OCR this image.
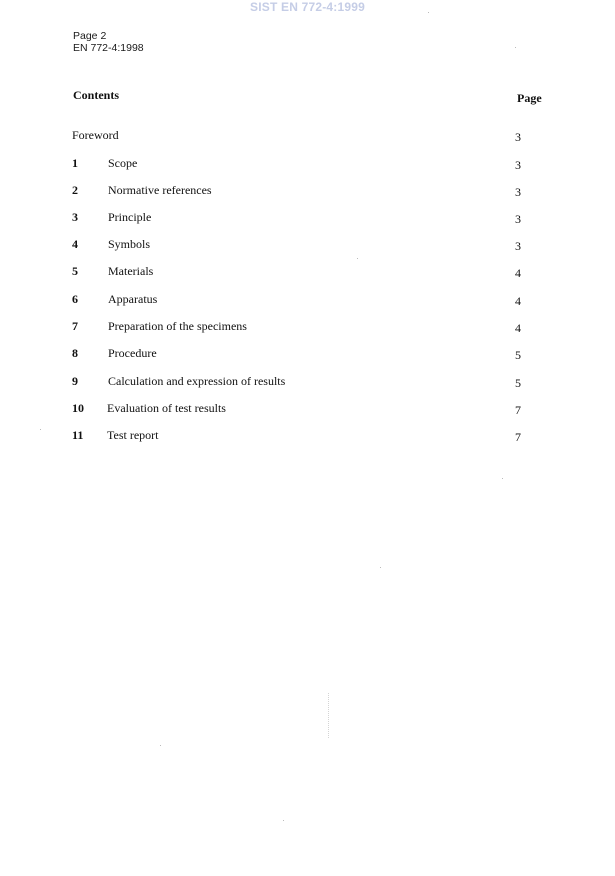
SIST EN 772-4:1999
Page 2
EN 772-4:1998
Contents	Page
Foreword	3
1	Scope	3
2	Normative references	3
3	Principle	3
4	Symbols	3
5	Materials	4
6	Apparatus	4
7	Preparation of the specimens	4
8	Procedure	5
9	Calculation and expression of results	5
10 Evaluation of test results	7
11 Test report	7
